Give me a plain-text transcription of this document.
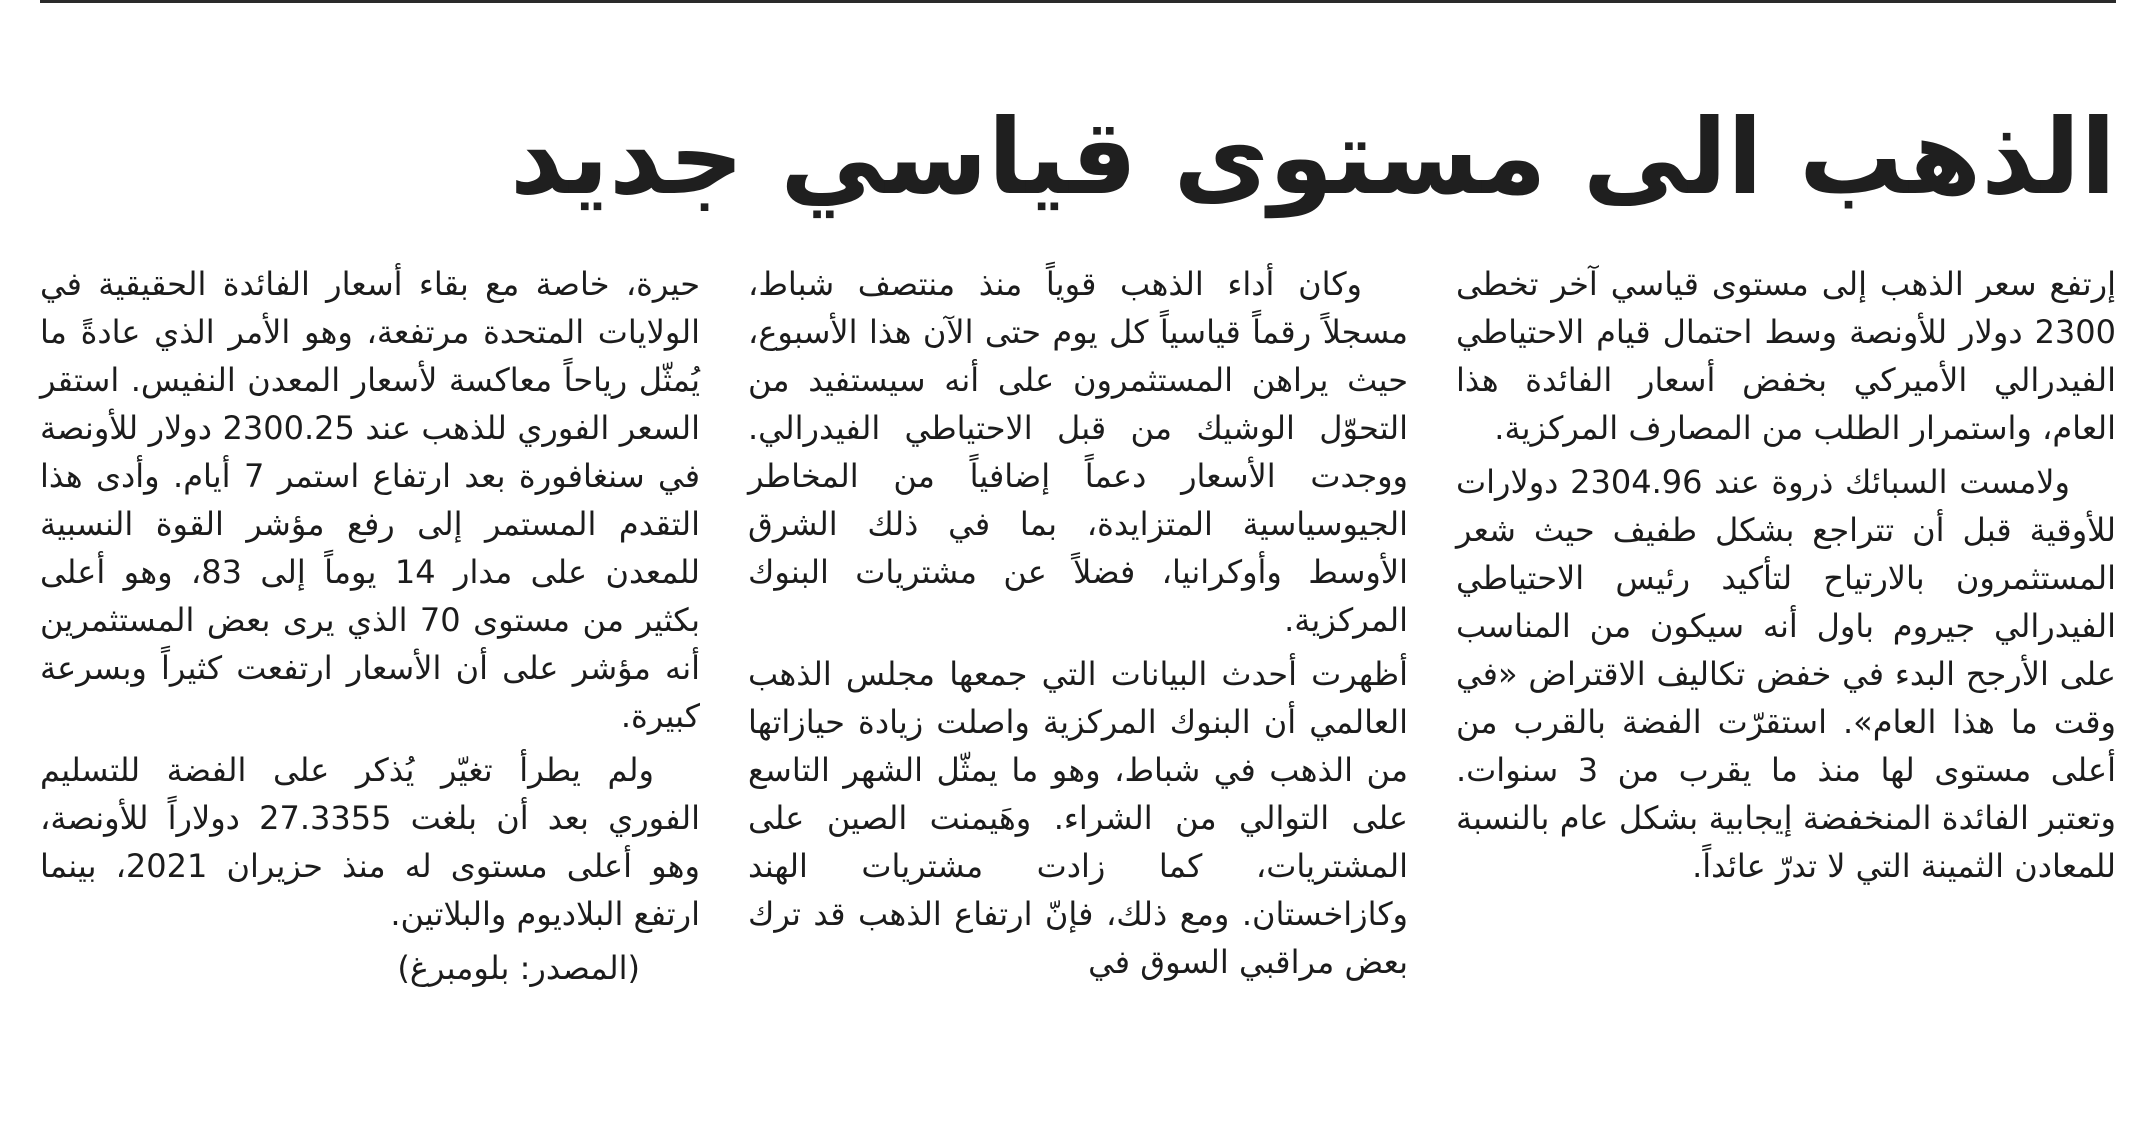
الذهب الى مستوى قياسي جديد

إرتفع سعر الذهب إلى مستوى قياسي آخر تخطى 2300 دولار للأونصة وسط احتمال قيام الاحتياطي الفيدرالي الأميركي بخفض أسعار الفائدة هذا العام، واستمرار الطلب من المصارف المركزية.

ولامست السبائك ذروة عند 2304.96 دولارات للأوقية قبل أن تتراجع بشكل طفيف حيث شعر المستثمرون بالارتياح لتأكيد رئيس الاحتياطي الفيدرالي جيروم باول أنه سيكون من المناسب على الأرجح البدء في خفض تكاليف الاقتراض «في وقت ما هذا العام». استقرّت الفضة بالقرب من أعلى مستوى لها منذ ما يقرب من 3 سنوات. وتعتبر الفائدة المنخفضة إيجابية بشكل عام بالنسبة للمعادن الثمينة التي لا تدرّ عائداً.

وكان أداء الذهب قوياً منذ منتصف شباط، مسجلاً رقماً قياسياً كل يوم حتى الآن هذا الأسبوع، حيث يراهن المستثمرون على أنه سيستفيد من التحوّل الوشيك من قبل الاحتياطي الفيدرالي. ووجدت الأسعار دعماً إضافياً من المخاطر الجيوسياسية المتزايدة، بما في ذلك الشرق الأوسط وأوكرانيا، فضلاً عن مشتريات البنوك المركزية.

أظهرت أحدث البيانات التي جمعها مجلس الذهب العالمي أن البنوك المركزية واصلت زيادة حيازاتها من الذهب في شباط، وهو ما يمثّل الشهر التاسع على التوالي من الشراء. وهَيمنت الصين على المشتريات، كما زادت مشتريات الهند وكازاخستان. ومع ذلك، فإنّ ارتفاع الذهب قد ترك بعض مراقبي السوق في

حيرة، خاصة مع بقاء أسعار الفائدة الحقيقية في الولايات المتحدة مرتفعة، وهو الأمر الذي عادةً ما يُمثّل رياحاً معاكسة لأسعار المعدن النفيس. استقر السعر الفوري للذهب عند 2300.25 دولار للأونصة في سنغافورة بعد ارتفاع استمر 7 أيام. وأدى هذا التقدم المستمر إلى رفع مؤشر القوة النسبية للمعدن على مدار 14 يوماً إلى 83، وهو أعلى بكثير من مستوى 70 الذي يرى بعض المستثمرين أنه مؤشر على أن الأسعار ارتفعت كثيراً وبسرعة كبيرة.

ولم يطرأ تغيّر يُذكر على الفضة للتسليم الفوري بعد أن بلغت 27.3355 دولاراً للأونصة، وهو أعلى مستوى له منذ حزيران 2021، بينما ارتفع البلاديوم والبلاتين.

(المصدر: بلومبرغ)
